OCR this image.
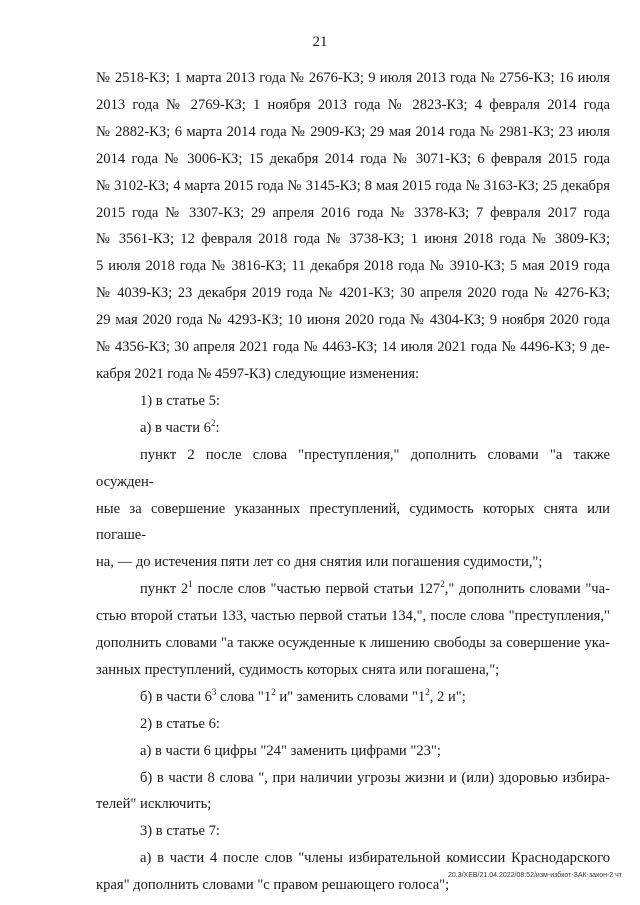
21

№ 2518-КЗ; 1 марта 2013 года № 2676-КЗ; 9 июля 2013 года № 2756-КЗ; 16 июля

2013 года № 2769-КЗ; 1 ноября 2013 года № 2823-КЗ; 4 февраля 2014 года

№ 2882-КЗ; 6 марта 2014 года № 2909-КЗ; 29 мая 2014 года № 2981-КЗ; 23 июля

2014 года № 3006-КЗ; 15 декабря 2014 года № 3071-КЗ; 6 февраля 2015 года

№ 3102-КЗ; 4 марта 2015 года № 3145-КЗ; 8 мая 2015 года № 3163-КЗ; 25 декабря

2015 года № 3307-КЗ; 29 апреля 2016 года № 3378-КЗ; 7 февраля 2017 года

№ 3561-КЗ; 12 февраля 2018 года № 3738-КЗ; 1 июня 2018 года № 3809-КЗ;

5 июля 2018 года № 3816-КЗ; 11 декабря 2018 года № 3910-КЗ; 5 мая 2019 года

№ 4039-КЗ; 23 декабря 2019 года № 4201-КЗ; 30 апреля 2020 года № 4276-КЗ;

29 мая 2020 года № 4293-КЗ; 10 июня 2020 года № 4304-КЗ; 9 ноября 2020 года

№ 4356-КЗ; 30 апреля 2021 года № 4463-КЗ; 14 июля 2021 года № 4496-КЗ; 9 де-

кабря 2021 года № 4597-КЗ) следующие изменения:

1) в статье 5:

а) в части $6^2$:

пункт 2 после слова "преступления," дополнить словами "а также осужден-

ные за совершение указанных преступлений, судимость которых снята или погаше-

на, — до истечения пяти лет со дня снятия или погашения судимости,";

пункт $2^1$ после слов "частью первой статьи $127^2$," дополнить словами "ча-

стью второй статьи 133, частью первой статьи 134,", после слова "преступления,"

дополнить словами "а также осужденные к лишению свободы за совершение ука-

занных преступлений, судимость которых снята или погашена,";

б) в части $6^3$ слова "$1^2$ и" заменить словами "$1^2$, 2 и";

2) в статье 6:

а) в части 6 цифры "24" заменить цифрами "23";

б) в части 8 слова ", при наличии угрозы жизни и (или) здоровью избира-

телей" исключить;

3) в статье 7:

а) в части 4 после слов "члены избирательной комиссии Краснодарского

края" дополнить словами "с правом решающего голоса";

20.3/ХЕВ/21.04.2022/08:52/изм-избкот-ЗАК-закон-2 чт
